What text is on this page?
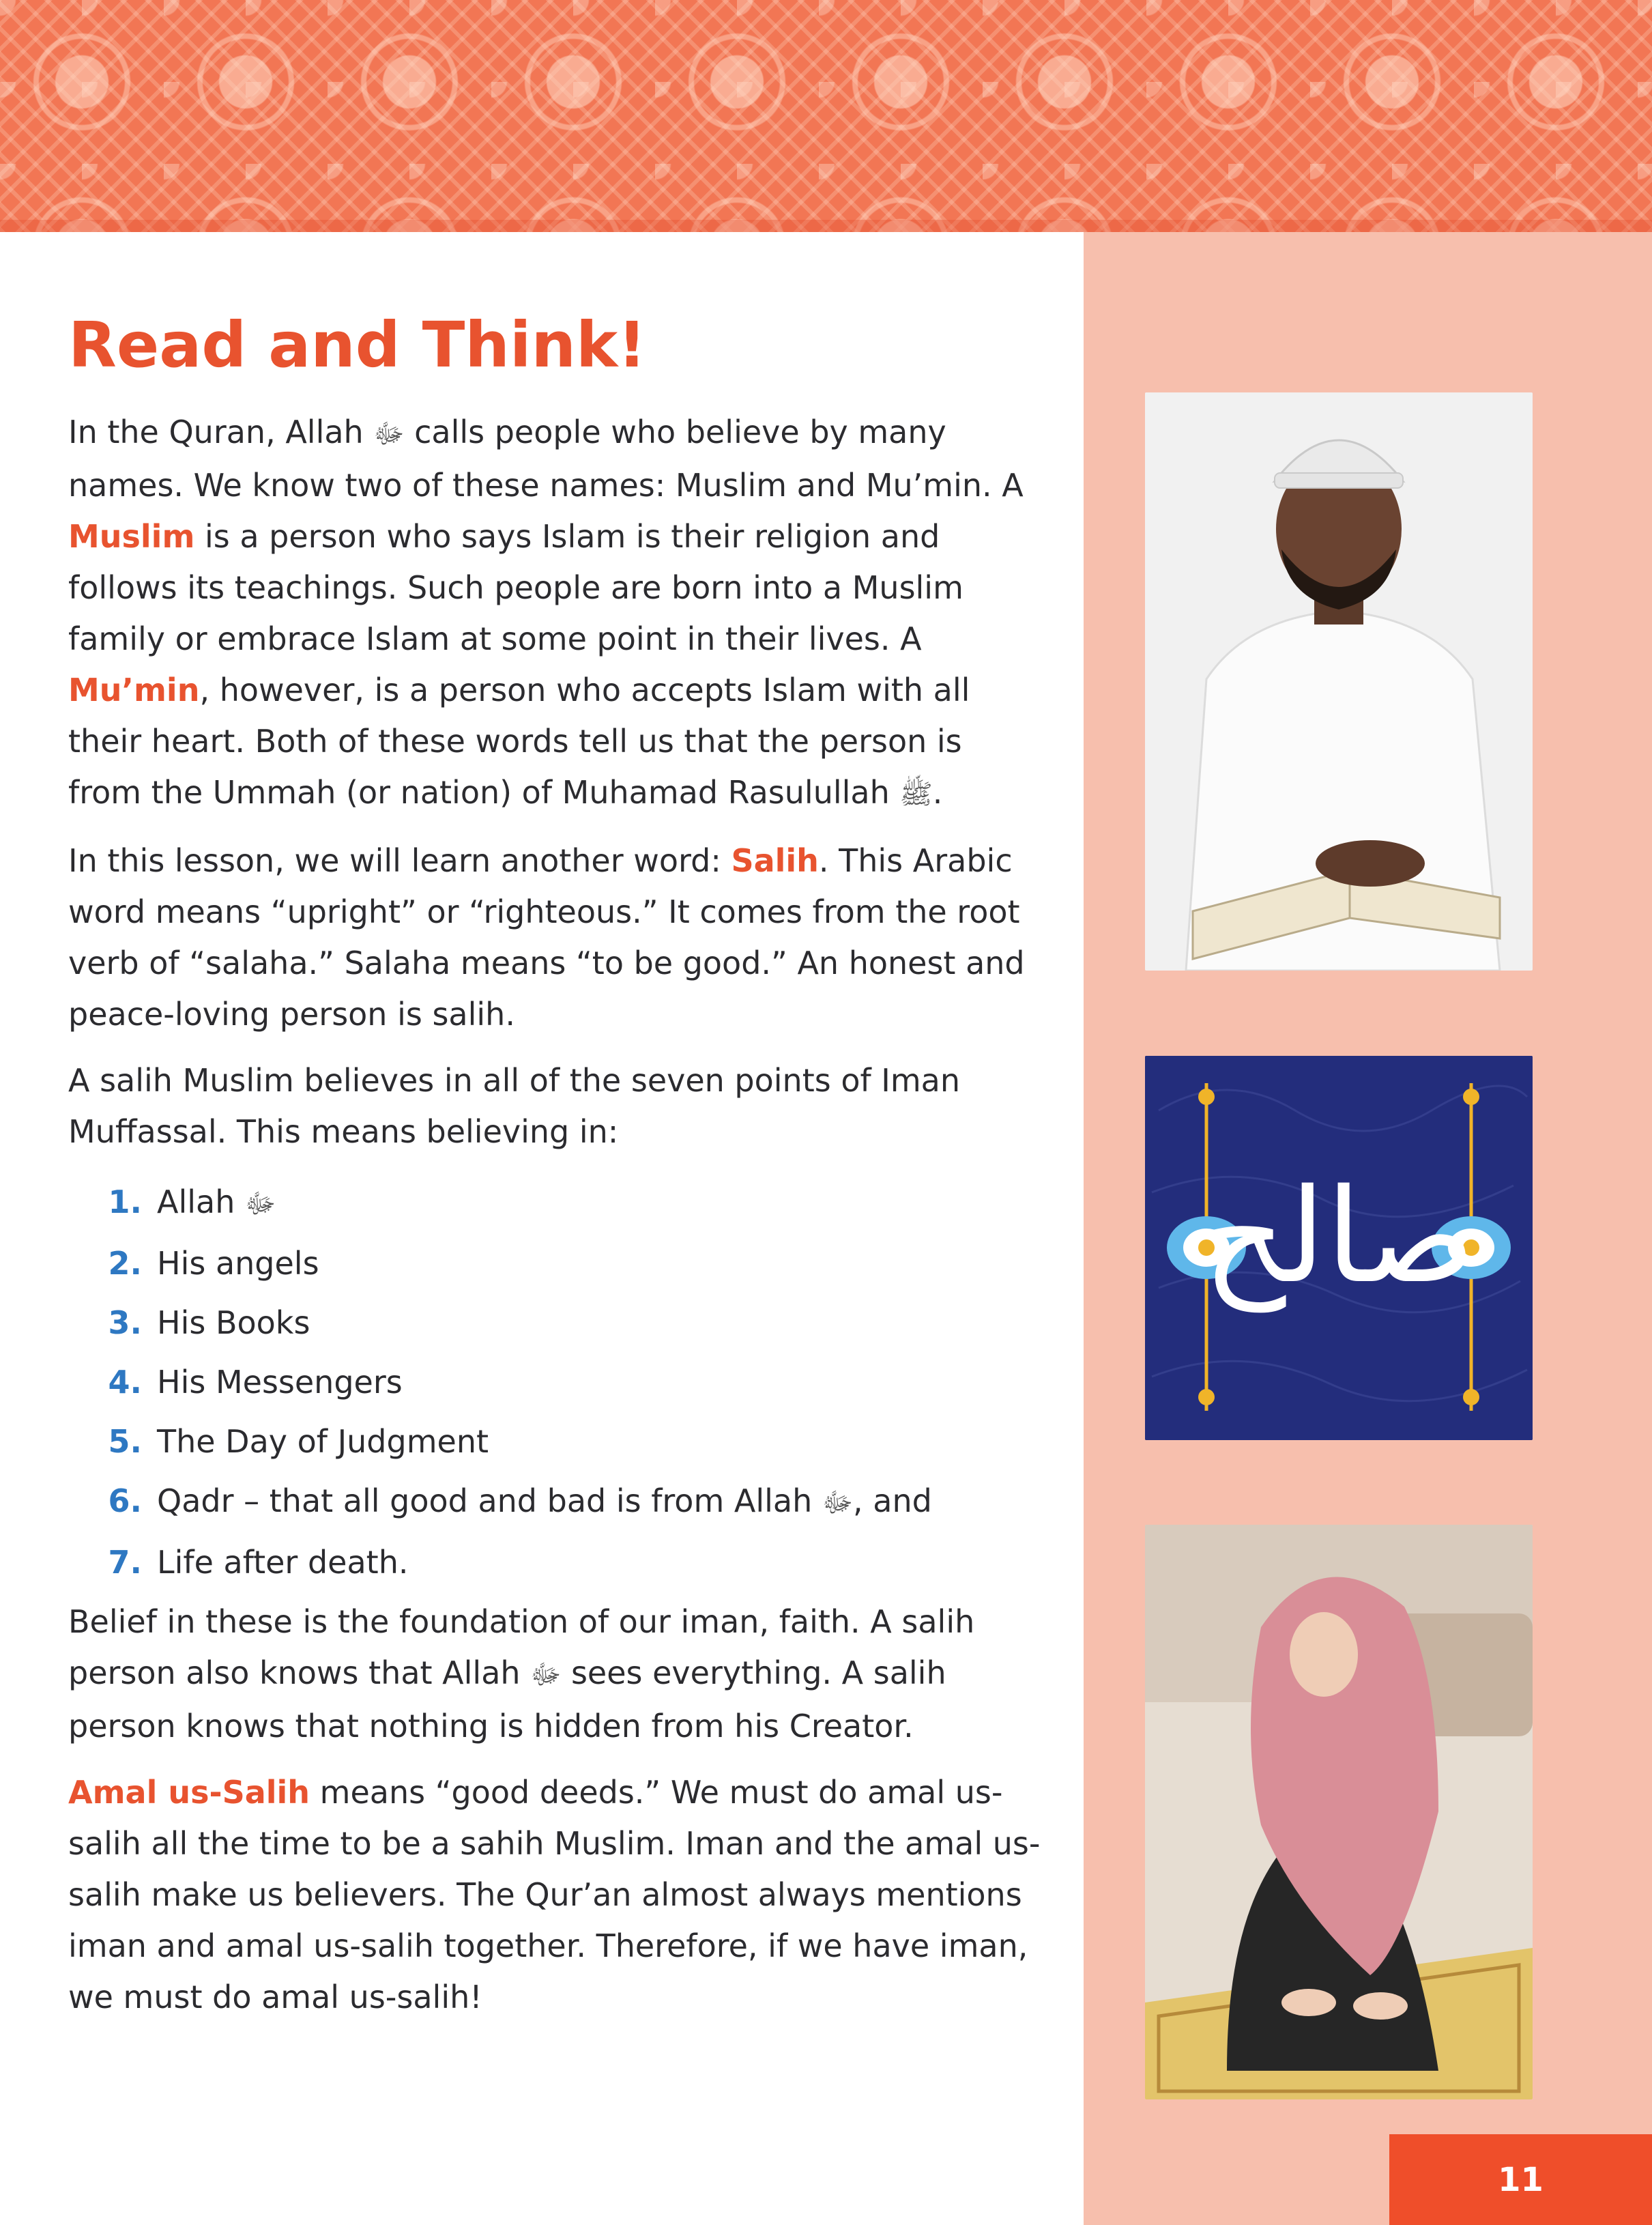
Read and Think!

In the Quran, Allah ﷻ calls people who believe by many names. We know two of these names: Muslim and Mu’min. A Muslim is a person who says Islam is their religion and follows its teachings. Such people are born into a Muslim family or embrace Islam at some point in their lives. A Mu’min, however, is a person who accepts Islam with all their heart. Both of these words tell us that the person is from the Ummah (or nation) of Muhamad Rasulullah ﷺ.

In this lesson, we will learn another word: Salih. This Arabic word means “upright” or “righteous.” It comes from the root verb of “salaha.” Salaha means “to be good.” An honest and peace-loving person is salih.

A salih Muslim believes in all of the seven points of Iman Muffassal. This means believing in:

1. Allah ﷻ
2. His angels
3. His Books
4. His Messengers
5. The Day of Judgment
6. Qadr – that all good and bad is from Allah ﷻ, and
7. Life after death.

Belief in these is the foundation of our iman, faith. A salih person also knows that Allah ﷻ sees everything. A salih person knows that nothing is hidden from his Creator.

Amal us-Salih means “good deeds.” We must do amal us-salih all the time to be a sahih Muslim. Iman and the amal us-salih make us believers. The Qur’an almost always mentions iman and amal us-salih together. Therefore, if we have iman, we must do amal us-salih!

صالح
11
